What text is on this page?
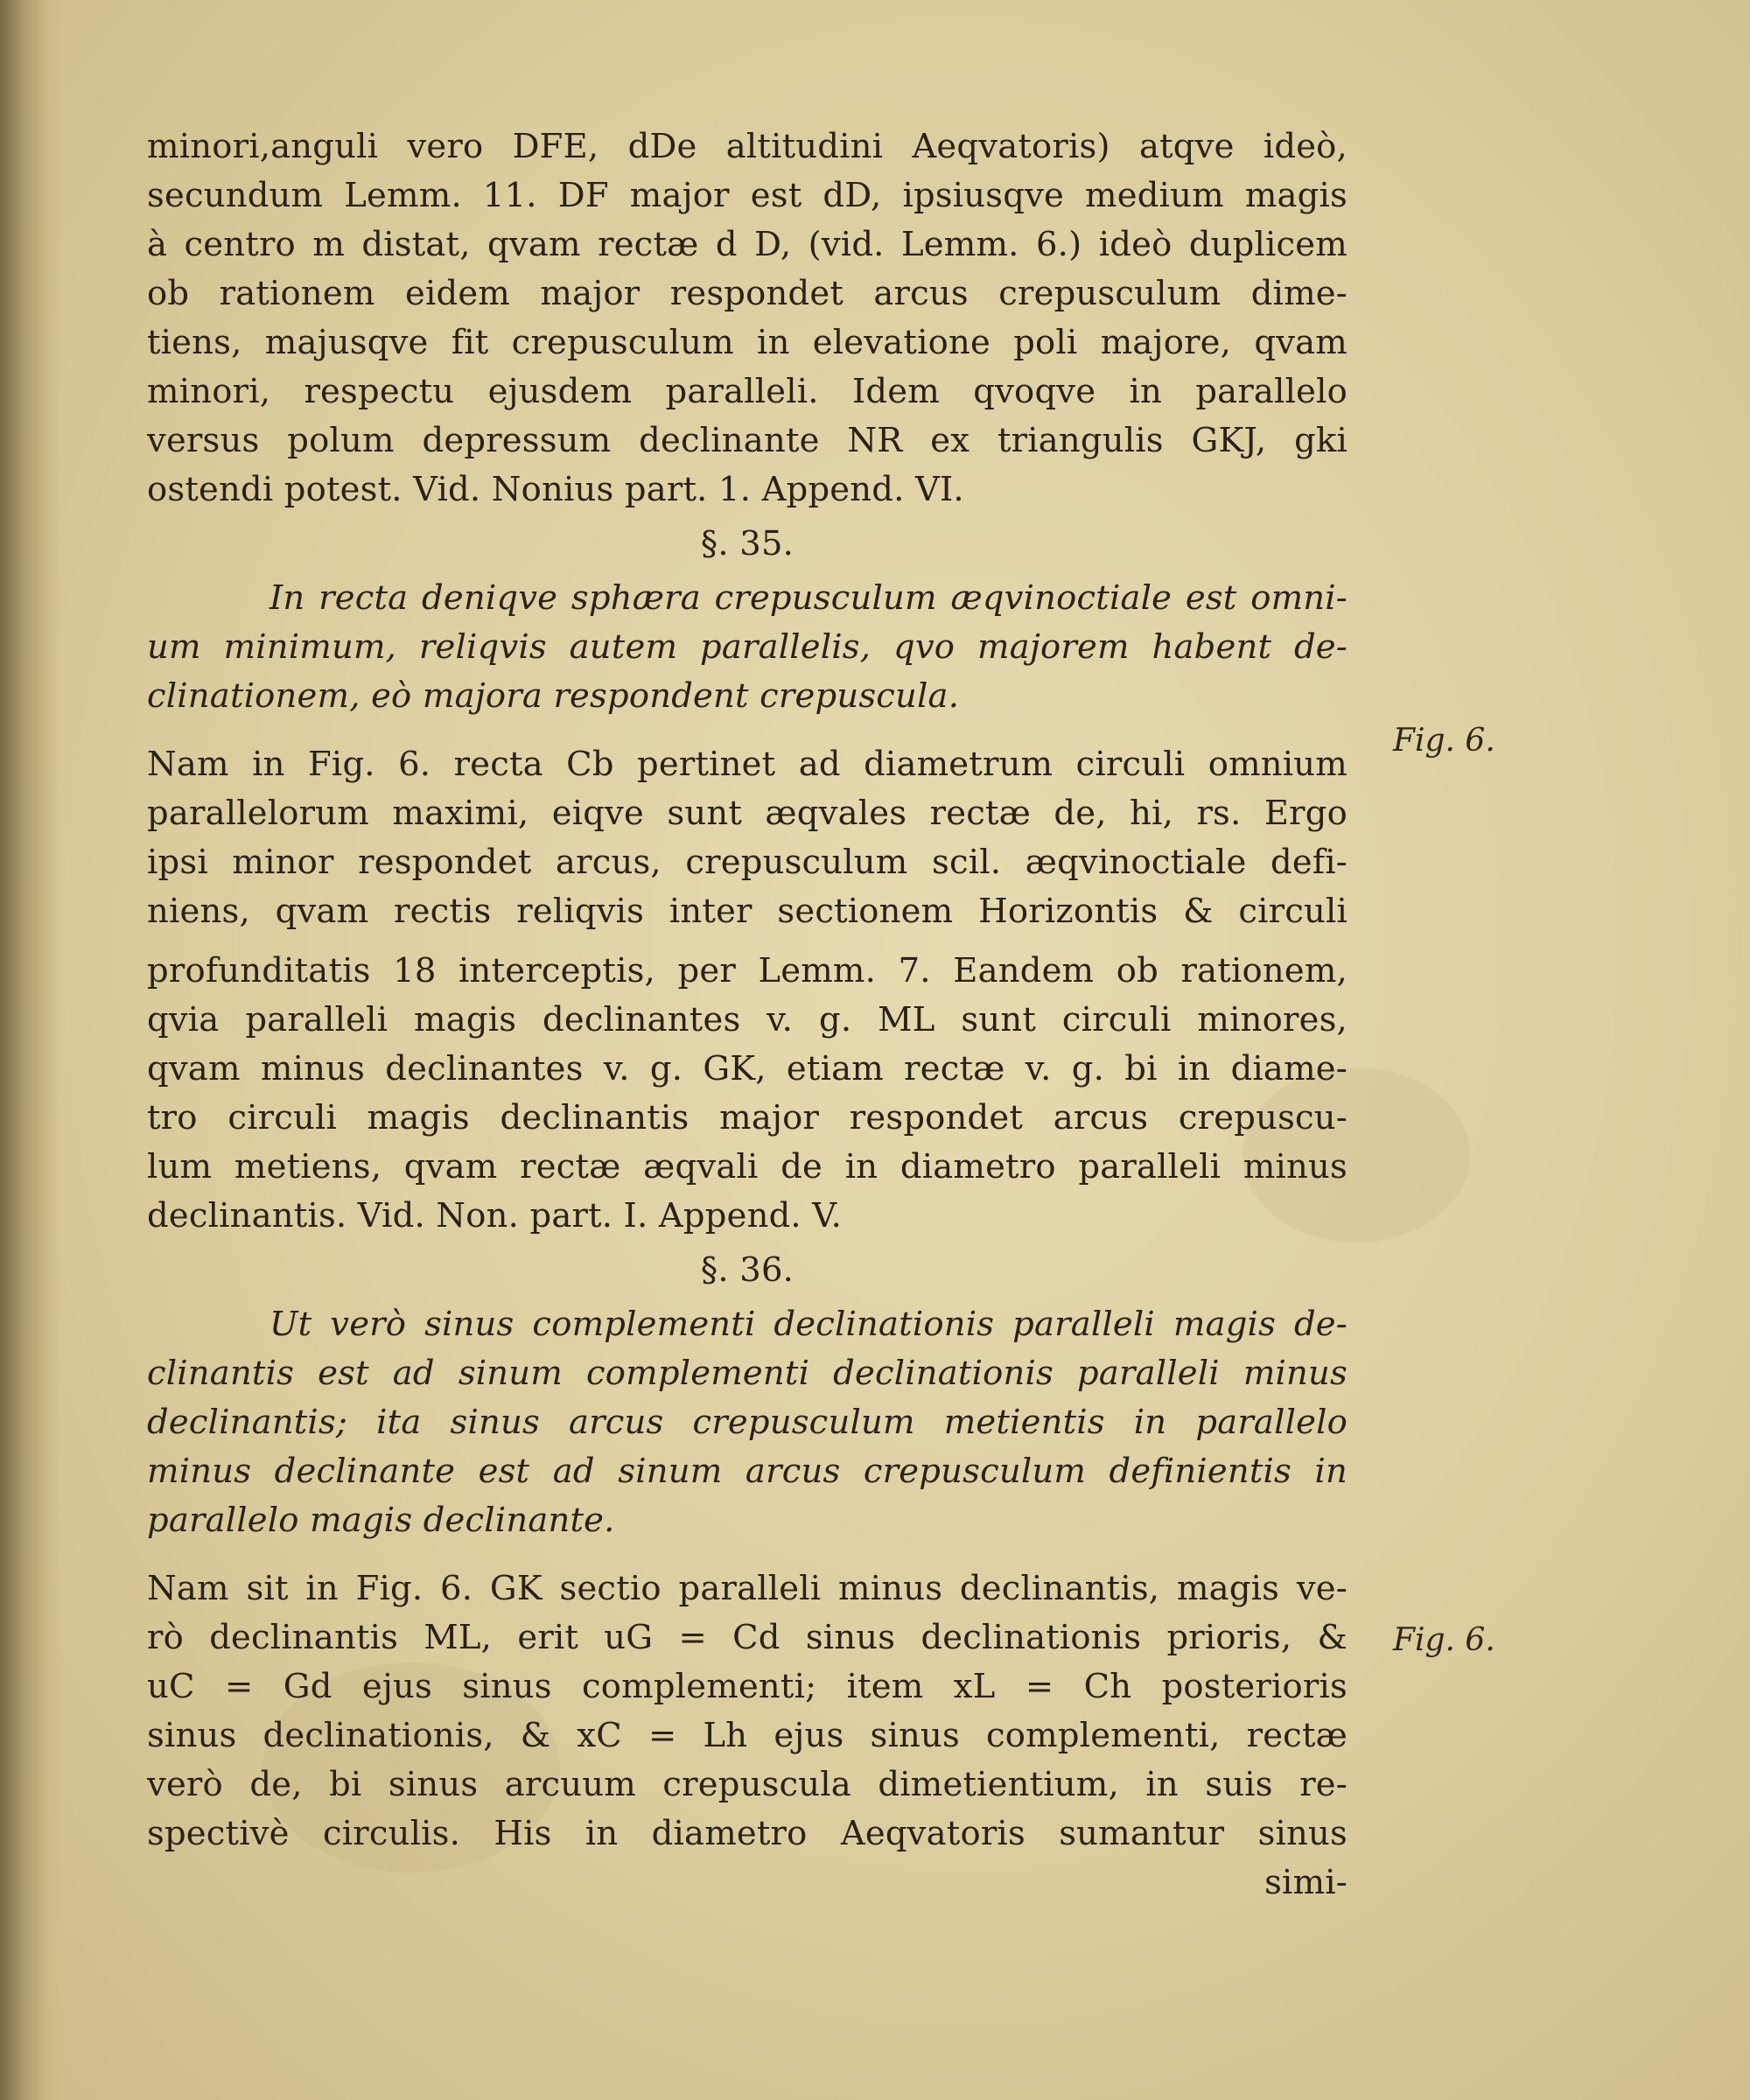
minori,anguli vero DFE, dDe altitudini Aeqvatoris) atqve ideò,
secundum Lemm. 11. DF major est dD, ipsiusqve medium magis
à centro m distat, qvam rectæ d D, (vid. Lemm. 6.) ideò duplicem
ob rationem eidem major respondet arcus crepusculum dime-
tiens, majusqve fit crepusculum in elevatione poli majore, qvam
minori, respectu ejusdem paralleli. Idem qvoqve in parallelo
versus polum depressum declinante NR ex triangulis GKJ, gki
ostendi potest. Vid. Nonius part. 1. Append. VI.
§. 35.
In recta deniqve sphæra crepusculum æqvinoctiale est omni-
um minimum, reliqvis autem parallelis, qvo majorem habent de-
clinationem, eò majora respondent crepuscula.
Nam in Fig. 6. recta Cb pertinet ad diametrum circuli omnium
parallelorum maximi, eiqve sunt æqvales rectæ de, hi, rs. Ergo
ipsi minor respondet arcus, crepusculum scil. æqvinoctiale defi-
niens, qvam rectis reliqvis inter sectionem Horizontis & circuli
profunditatis 18 interceptis, per Lemm. 7. Eandem ob rationem,
qvia paralleli magis declinantes v. g. ML sunt circuli minores,
qvam minus declinantes v. g. GK, etiam rectæ v. g. bi in diame-
tro circuli magis declinantis major respondet arcus crepuscu-
lum metiens, qvam rectæ æqvali de in diametro paralleli minus
declinantis. Vid. Non. part. I. Append. V.
§. 36.
Ut verò sinus complementi declinationis paralleli magis de-
clinantis est ad sinum complementi declinationis paralleli minus
declinantis; ita sinus arcus crepusculum metientis in parallelo
minus declinante est ad sinum arcus crepusculum definientis in
parallelo magis declinante.
Nam sit in Fig. 6. GK sectio paralleli minus declinantis, magis ve-
rò declinantis ML, erit uG = Cd sinus declinationis prioris, &
uC = Gd ejus sinus complementi; item xL = Ch posterioris
sinus declinationis, & xC = Lh ejus sinus complementi, rectæ
verò de, bi sinus arcuum crepuscula dimetientium, in suis re-
spectivè circulis. His in diametro Aeqvatoris sumantur sinus
simi-
Fig. 6.
Fig. 6.
